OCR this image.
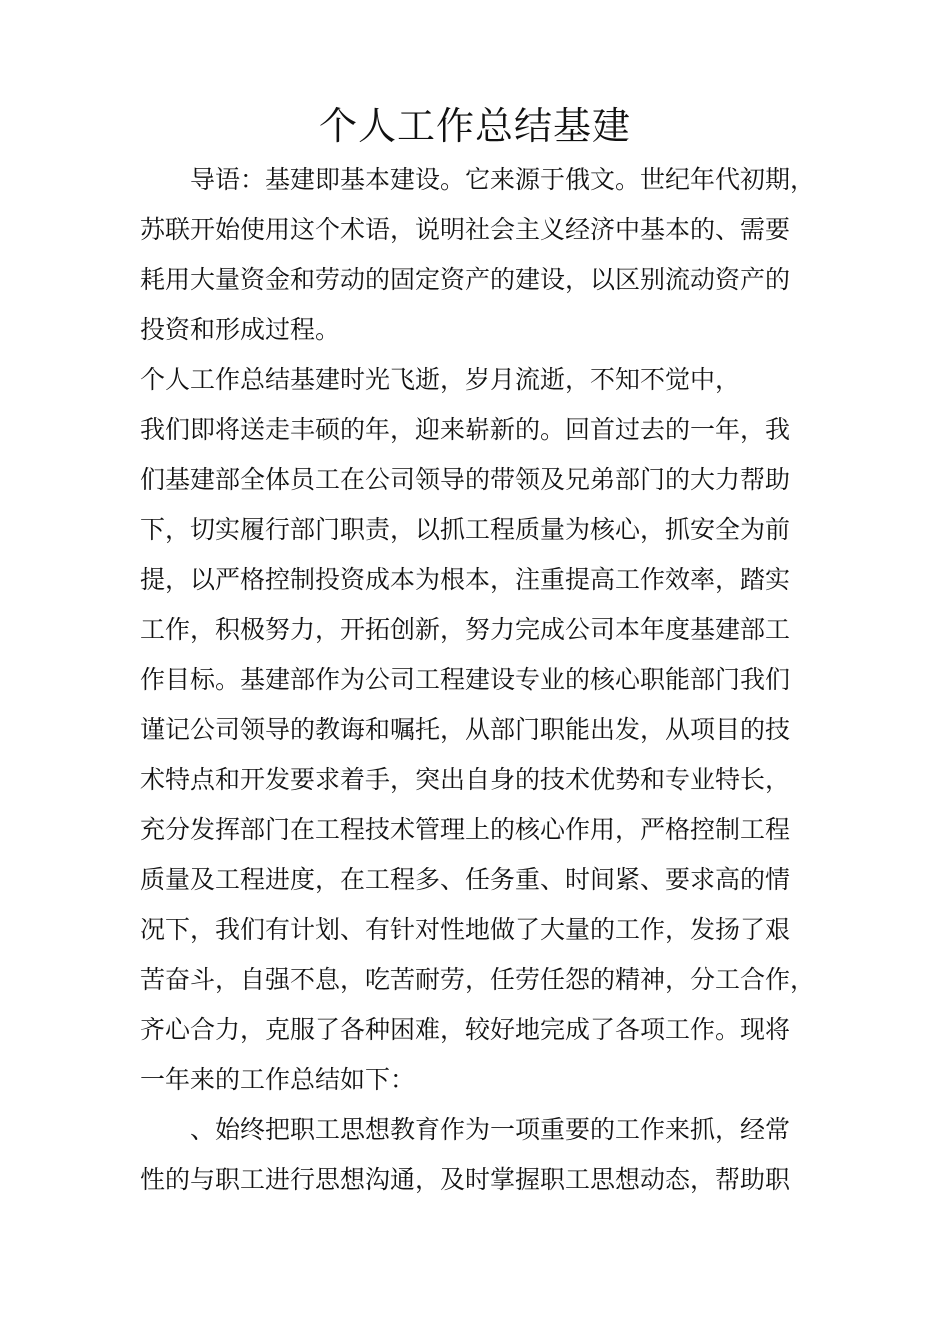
个人工作总结基建

　　导语：基建即基本建设。它来源于俄文。世纪年代初期，

苏联开始使用这个术语，说明社会主义经济中基本的、需要

耗用大量资金和劳动的固定资产的建设，以区别流动资产的

投资和形成过程。

个人工作总结基建时光飞逝，岁月流逝，不知不觉中，

我们即将送走丰硕的年，迎来崭新的。回首过去的一年，我

们基建部全体员工在公司领导的带领及兄弟部门的大力帮助

下，切实履行部门职责，以抓工程质量为核心，抓安全为前

提，以严格控制投资成本为根本，注重提高工作效率，踏实

工作，积极努力，开拓创新，努力完成公司本年度基建部工

作目标。基建部作为公司工程建设专业的核心职能部门我们

谨记公司领导的教诲和嘱托，从部门职能出发，从项目的技

术特点和开发要求着手，突出自身的技术优势和专业特长，

充分发挥部门在工程技术管理上的核心作用，严格控制工程

质量及工程进度，在工程多、任务重、时间紧、要求高的情

况下，我们有计划、有针对性地做了大量的工作，发扬了艰

苦奋斗，自强不息，吃苦耐劳，任劳任怨的精神，分工合作，

齐心合力，克服了各种困难，较好地完成了各项工作。现将

一年来的工作总结如下：

　　、始终把职工思想教育作为一项重要的工作来抓，经常

性的与职工进行思想沟通，及时掌握职工思想动态，帮助职
